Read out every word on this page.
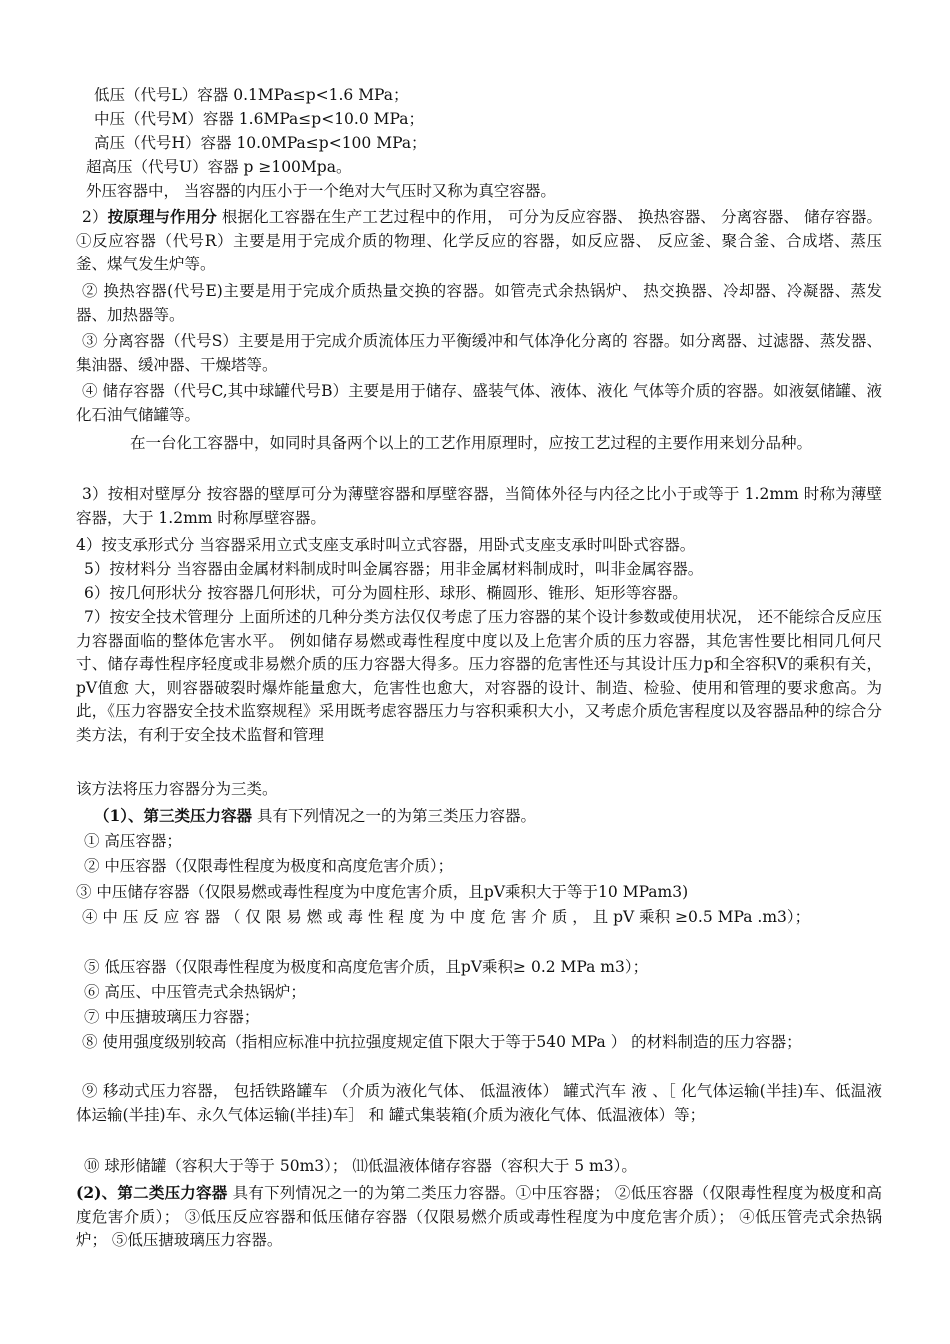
低压（代号L）容器 0.1MPa≤p<1.6 MPa；

中压（代号M）容器 1.6MPa≤p<10.0 MPa；

高压（代号H）容器 10.0MPa≤p<100 MPa；

超高压（代号U）容器 p ≥100Mpa。

外压容器中， 当容器的内压小于一个绝对大气压时又称为真空容器。

2）按原理与作用分 根据化工容器在生产工艺过程中的作用， 可分为反应容器、 换热容器、 分离容器、 储存容器。 ①反应容器（代号R）主要是用于完成介质的物理、化学反应的容器，如反应器、 反应釜、聚合釜、合成塔、蒸压釜、煤气发生炉等。

② 换热容器(代号E)主要是用于完成介质热量交换的容器。如管壳式余热锅炉、 热交换器、冷却器、冷凝器、蒸发器、加热器等。

③ 分离容器（代号S）主要是用于完成介质流体压力平衡缓冲和气体净化分离的 容器。如分离器、过滤器、蒸发器、集油器、缓冲器、干燥塔等。

④ 储存容器（代号C,其中球罐代号B）主要是用于储存、盛装气体、液体、液化 气体等介质的容器。如液氨储罐、液化石油气储罐等。

在一台化工容器中，如同时具备两个以上的工艺作用原理时，应按工艺过程的主要作用来划分品种。

3）按相对壁厚分 按容器的壁厚可分为薄壁容器和厚壁容器，当简体外径与内径之比小于或等于 1.2mm 时称为薄壁容器，大于 1.2mm 时称厚壁容器。

4）按支承形式分 当容器采用立式支座支承时叫立式容器，用卧式支座支承时叫卧式容器。

5）按材料分 当容器由金属材料制成时叫金属容器；用非金属材料制成时，叫非金属容器。

6）按几何形状分 按容器几何形状，可分为圆柱形、球形、椭圆形、锥形、矩形等容器。

7）按安全技术管理分 上面所述的几种分类方法仅仅考虑了压力容器的某个设计参数或使用状况， 还不能综合反应压力容器面临的整体危害水平。 例如储存易燃或毒性程度中度以及上危害介质的压力容器，其危害性要比相同几何尺寸、储存毒性程序轻度或非易燃介质的压力容器大得多。压力容器的危害性还与其设计压力p和全容积V的乘积有关，pV值愈 大，则容器破裂时爆炸能量愈大，危害性也愈大，对容器的设计、制造、检验、使用和管理的要求愈高。为此，《压力容器安全技术监察规程》采用既考虑容器压力与容积乘积大小，又考虑介质危害程度以及容器品种的综合分类方法，有利于安全技术监督和管理

该方法将压力容器分为三类。

（1）、第三类压力容器 具有下列情况之一的为第三类压力容器。

① 高压容器；

② 中压容器（仅限毒性程度为极度和高度危害介质）；

③ 中压储存容器（仅限易燃或毒性程度为中度危害介质，且pV乘积大于等于10 MPam3)

④ 中 压 反 应 容 器 （ 仅 限 易 燃 或 毒 性 程 度 为 中 度 危 害 介 质 ， 且 pV 乘积 ≥0.5 MPa .m3）；

⑤ 低压容器（仅限毒性程度为极度和高度危害介质，且pV乘积≥ 0.2 MPa m3）；

⑥ 高压、中压管壳式余热锅炉；

⑦ 中压搪玻璃压力容器；

⑧ 使用强度级别较高（指相应标准中抗拉强度规定值下限大于等于540 MPa ） 的材料制造的压力容器；

⑨ 移动式压力容器， 包括铁路罐车 （介质为液化气体、 低温液体） 罐式汽车 液 、［ 化气体运输(半挂)车、低温液体运输(半挂)车、永久气体运输(半挂)车］ 和 罐式集装箱(介质为液化气体、低温液体）等；

⑩ 球形储罐（容积大于等于 50m3）； ⑾低温液体储存容器（容积大于 5 m3）。

(2)、第二类压力容器 具有下列情况之一的为第二类压力容器。①中压容器； ②低压容器（仅限毒性程度为极度和高度危害介质）； ③低压反应容器和低压储存容器（仅限易燃介质或毒性程度为中度危害介质）； ④低压管壳式余热锅炉； ⑤低压搪玻璃压力容器。
